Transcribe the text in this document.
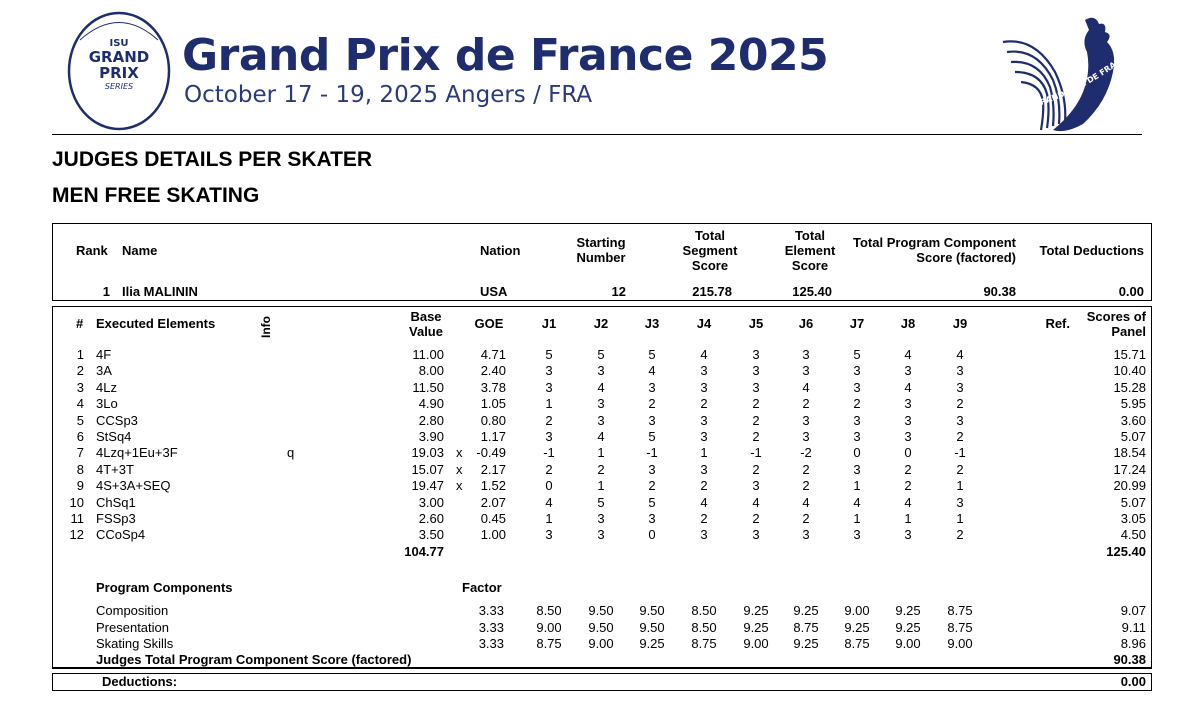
ISU
GRAND
PRIX
SERIES
Grand Prix de France 2025
October 17 - 19, 2025 Angers / FRA	GRAND PRIX DE FRANCE
JUDGES DETAILS PER SKATER
MEN FREE SKATING
Rank Name	Nation
Starting
Number
Total
Segment
Score
Total
Element
Score
Total Program Component
Score (factored)	Total Deductions
1 Ilia MALININ	USA	12	215.78	125.40	90.38	0.00
# Executed Elements	Info	Base
Value
GOE	J1	J2	J3	J4	J5	J6	J7	J8	J9	Ref.	Scores of
Panel
1 4F	11.00	4.71	5	5	5	4	3	3	5	4	4	15.71
2 3A	8.00	2.40	3	3	4	3	3	3	3	3	3	10.40
3 4Lz	11.50	3.78	3	4	3	3	3	4	3	4	3	15.28
4 3Lo	4.90	1.05	1	3	2	2	2	2	2	3	2	5.95
5 CCSp3	2.80	0.80	2	3	3	3	2	3	3	3	3	3.60
6 StSq4	3.90	1.17	3	4	5	3	2	3	3	3	2	5.07
7 4Lzq+1Eu+3F	q	19.03 x	-0.49	-1	1	-1	1	-1	-2	0	0	-1	18.54
8 4T+3T	15.07 x	2.17	2	2	3	3	2	2	3	2	2	17.24
9 4S+3A+SEQ	19.47 x	1.52	0	1	2	2	3	2	1	2	1	20.99
10 ChSq1	3.00	2.07	4	5	5	4	4	4	4	4	3	5.07
11 FSSp3	2.60	0.45	1	3	3	2	2	2	1	1	1	3.05
12 CCoSp4	3.50	1.00	3	3	0	3	3	3	3	3	2	4.50
104.77	125.40
Program Components	Factor
Composition	3.33	8.50	9.50	9.50	8.50	9.25	9.25	9.00	9.25	8.75	9.07
Presentation	3.33	9.00	9.50	9.50	8.50	9.25	8.75	9.25	9.25	8.75	9.11
Skating Skills	3.33	8.75	9.00	9.25	8.75	9.00	9.25	8.75	9.00	9.00	8.96
Judges Total Program Component Score (factored)	90.38
Deductions:	0.00
